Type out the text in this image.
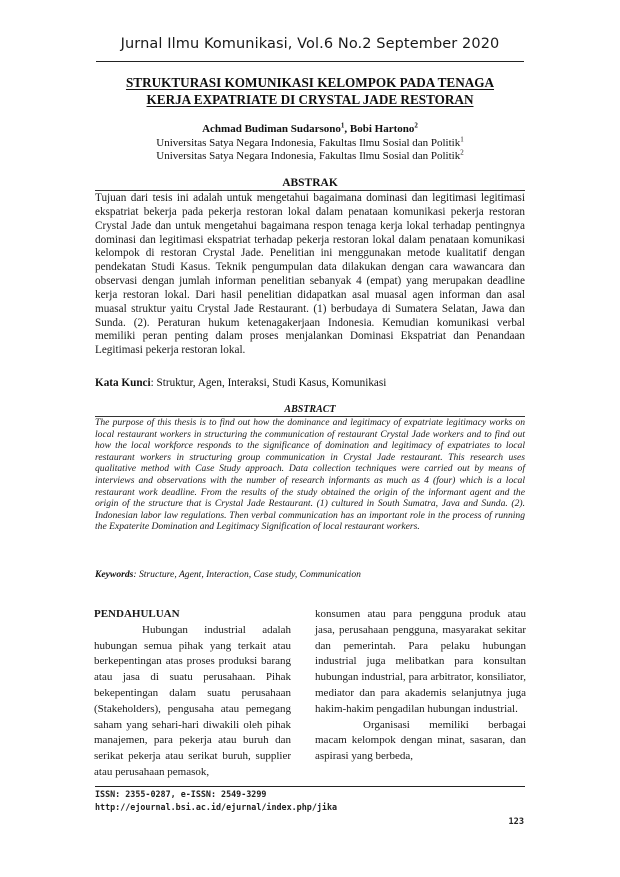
Jurnal Ilmu Komunikasi, Vol.6 No.2 September 2020
STRUKTURASI KOMUNIKASI KELOMPOK PADA TENAGA
KERJA EXPATRIATE DI CRYSTAL JADE RESTORAN
Achmad Budiman Sudarsono$^1$, Bobi Hartono$^2$
Universitas Satya Negara Indonesia, Fakultas Ilmu Sosial dan Politik$^1$
Universitas Satya Negara Indonesia, Fakultas Ilmu Sosial dan Politik$^2$
ABSTRAK
Tujuan dari tesis ini adalah untuk mengetahui bagaimana dominasi dan legitimasi legitimasi ekspatriat bekerja pada pekerja restoran lokal dalam penataan komunikasi pekerja restoran Crystal Jade dan untuk mengetahui bagaimana respon tenaga kerja lokal terhadap pentingnya dominasi dan legitimasi ekspatriat terhadap pekerja restoran lokal dalam penataan komunikasi kelompok di restoran Crystal Jade. Penelitian ini menggunakan metode kualitatif dengan pendekatan Studi Kasus. Teknik pengumpulan data dilakukan dengan cara wawancara dan observasi dengan jumlah informan penelitian sebanyak 4 (empat) yang merupakan deadline kerja restoran lokal. Dari hasil penelitian didapatkan asal muasal agen informan dan asal muasal struktur yaitu Crystal Jade Restaurant. (1) berbudaya di Sumatera Selatan, Jawa dan Sunda. (2). Peraturan hukum ketenagakerjaan Indonesia. Kemudian komunikasi verbal memiliki peran penting dalam proses menjalankan Dominasi Ekspatriat dan Penandaan Legitimasi pekerja restoran lokal.
Kata Kunci: Struktur, Agen, Interaksi, Studi Kasus, Komunikasi
ABSTRACT
The purpose of this thesis is to find out how the dominance and legitimacy of expatriate legitimacy works on local restaurant workers in structuring the communication of restaurant Crystal Jade workers and to find out how the local workforce responds to the significance of domination and legitimacy of expatriates to local restaurant workers in structuring group communication in Crystal Jade restaurant. This research uses qualitative method with Case Study approach. Data collection techniques were carried out by means of interviews and observations with the number of research informants as much as 4 (four) which is a local restaurant work deadline. From the results of the study obtained the origin of the informant agent and the origin of the structure that is Crystal Jade Restaurant. (1) cultured in South Sumatra, Java and Sunda. (2). Indonesian labor law regulations. Then verbal communication has an important role in the process of running the Expaterite Domination and Legitimacy Signification of local restaurant workers.
Keywords: Structure, Agent, Interaction, Case study, Communication
PENDAHULUAN

Hubungan industrial adalah hubungan semua pihak yang terkait atau berkepentingan atas proses produksi barang atau jasa di suatu perusahaan. Pihak bekepentingan dalam suatu perusahaan (Stakeholders), pengusaha atau pemegang saham yang sehari-hari diwakili oleh pihak manajemen, para pekerja atau buruh dan serikat pekerja atau serikat buruh, supplier atau perusahaan pemasok,

konsumen atau para pengguna produk atau jasa, perusahaan pengguna, masyarakat sekitar dan pemerintah. Para pelaku hubungan industrial juga melibatkan para konsultan hubungan industrial, para arbitrator, konsiliator, mediator dan para akademis selanjutnya juga hakim-hakim pengadilan hubungan industrial.

Organisasi memiliki berbagai macam kelompok dengan minat, sasaran, dan aspirasi yang berbeda,

ISSN: 2355-0287, e-ISSN: 2549-3299
http://ejournal.bsi.ac.id/ejurnal/index.php/jika
123
